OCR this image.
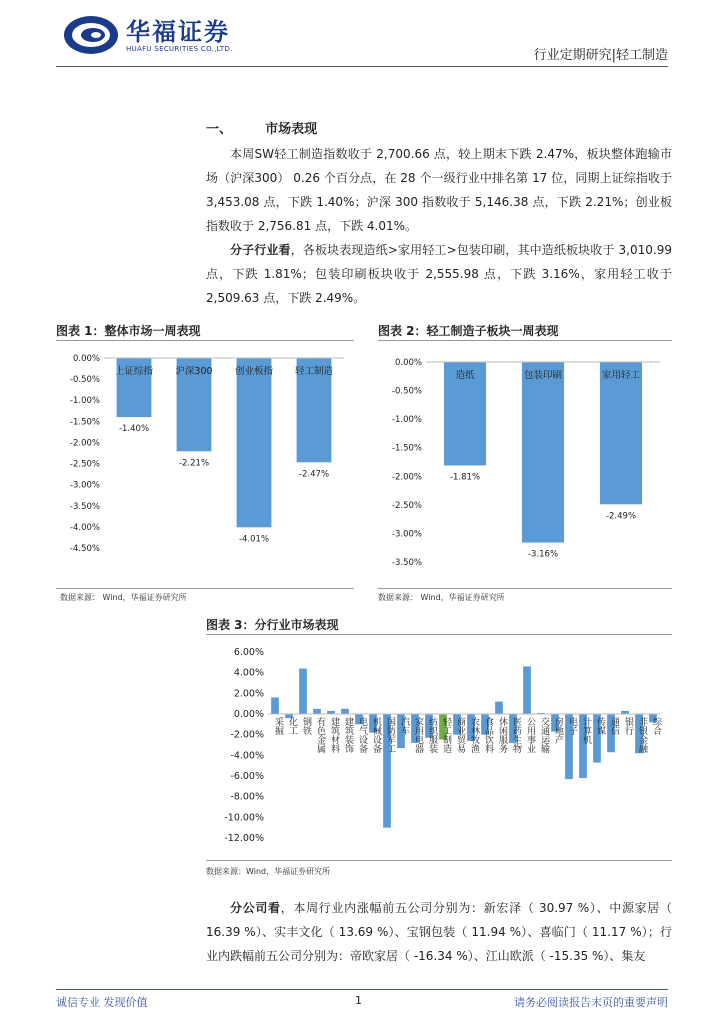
华福证券
HUAFU SECURITIES CO.,LTD.	行业定期研究|轻工制造
一、	市场表现

本周SW轻工制造指数收于 2,700.66 点，较上期末下跌 2.47%，板块整体跑输市场（沪深300） 0.26 个百分点，在 28 个一级行业中排名第 17 位，同期上证综指收于 3,453.08 点，下跌 1.40%；沪深 300 指数收于 5,146.38 点，下跌 2.21%；创业板指数收于 2,756.81 点，下跌 4.01%。

分子行业看，各板块表现造纸>家用轻工>包装印刷，其中造纸板块收于 3,010.99 点，下跌 1.81%；包装印刷板块收于 2,555.98 点，下跌 3.16%，家用轻工收于 2,509.63 点，下跌 2.49%。

图表 1：整体市场一周表现
0.00%
-0.50%
-1.00%
-1.50%
-2.00%
-2.50%
-3.00%
-3.50%
-4.00%
-4.50%
上证综指
-1.40%
沪深300
-2.21%
创业板指
-4.01%
轻工制造
-2.47%
数据来源： Wind，华福证券研究所
图表 2：轻工制造子板块一周表现
0.00%
-0.50%
-1.00%
-1.50%
-2.00%
-2.50%
-3.00%
-3.50%
造纸
-1.81%
包装印刷
-3.16%
家用轻工
-2.49%
数据来源： Wind，华福证券研究所
图表 3：分行业市场表现
6.00%
4.00%
2.00%
0.00%
-2.00%
-4.00%
-6.00%
-8.00%
-10.00%
-12.00%
采掘 化工 钢铁 有色金属 建筑材料 建筑装饰 电气设备 机械设备 国防军工 汽车 家用电器 纺织服装 轻工制造 商业贸易 农林牧渔 食品饮料 休闲服务 医药生物 公用事业 交通运输 房地产 电子 计算机 传媒 通信 银行 非银金融 综合
数据来源：Wind，华福证券研究所

分公司看，本周行业内涨幅前五公司分别为：新宏泽（ 30.97 %）、中源家居（ 16.39 %）、实丰文化（ 13.69 %）、宝钢包装（ 11.94 %）、喜临门（ 11.17 %）；行业内跌幅前五公司分别为：帝欧家居（ -16.34 %）、江山欧派（ -15.35 %）、集友

诚信专业 发现价值	1	请务必阅读报告末页的重要声明
